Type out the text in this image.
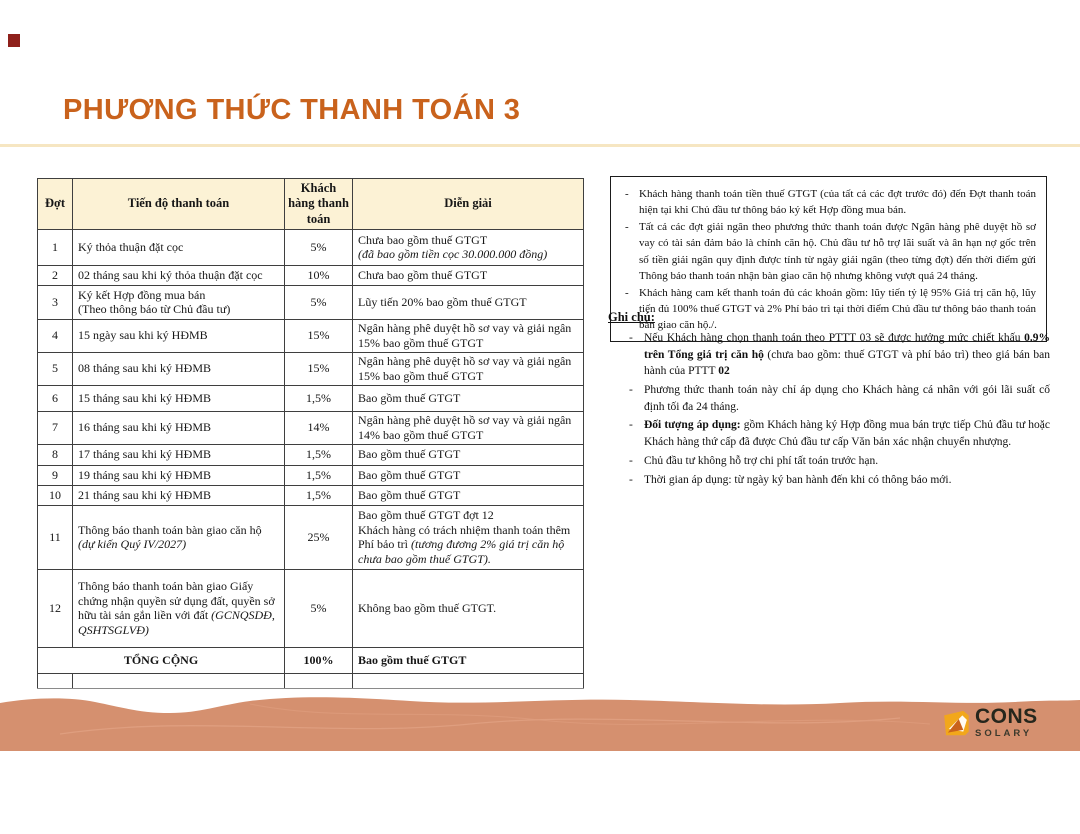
PHƯƠNG THỨC THANH TOÁN 3
Đợt	Tiến độ thanh toán	Khách hàng thanh toán	Diễn giải
1	Ký thỏa thuận đặt cọc	5%	Chưa bao gồm thuế GTGT
(đã bao gồm tiền cọc 30.000.000 đồng)

2	02 tháng sau khi ký thỏa thuận đặt cọc	10%	Chưa bao gồm thuế GTGT
3	Ký kết Hợp đồng mua bán
(Theo thông báo từ Chủ đầu tư)	5%	Lũy tiến 20% bao gồm thuế GTGT
4	15 ngày sau khi ký HĐMB	15%	Ngân hàng phê duyệt hồ sơ vay và giải ngân 15% bao gồm thuế GTGT
5	08 tháng sau khi ký HĐMB	15%	Ngân hàng phê duyệt hồ sơ vay và giải ngân 15% bao gồm thuế GTGT
6	15 tháng sau khi ký HĐMB	1,5%	Bao gồm thuế GTGT
7	16 tháng sau khi ký HĐMB	14%	Ngân hàng phê duyệt hồ sơ vay và giải ngân 14% bao gồm thuế GTGT
8	17 tháng sau khi ký HĐMB	1,5%	Bao gồm thuế GTGT
9	19 tháng sau khi ký HĐMB	1,5%	Bao gồm thuế GTGT
10	21 tháng sau khi ký HĐMB	1,5%	Bao gồm thuế GTGT
11	Thông báo thanh toán bàn giao căn hộ (dự kiến Quý IV/2027)	25%	Bao gồm thuế GTGT đợt 12
Khách hàng có trách nhiệm thanh toán thêm Phí bảo trì (tương đương 2% giá trị căn hộ chưa bao gồm thuế GTGT).

12	Thông báo thanh toán bàn giao Giấy chứng nhận quyền sử dụng đất, quyền sở hữu tài sản gắn liền với đất (GCNQSDĐ, QSHTSGLVĐ)	5%	Không bao gồm thuế GTGT.
TỔNG CỘNG		100%	Bao gồm thuế GTGT

- Khách hàng thanh toán tiền thuế GTGT (của tất cả các đợt trước đó) đến Đợt thanh toán hiện tại khi Chủ đầu tư thông báo ký kết Hợp đồng mua bán.
- Tất cả các đợt giải ngân theo phương thức thanh toán được Ngân hàng phê duyệt hồ sơ vay có tài sản đảm bảo là chính căn hộ. Chủ đầu tư hỗ trợ lãi suất và ân hạn nợ gốc trên số tiền giải ngân quy định được tính từ ngày giải ngân (theo từng đợt) đến thời điểm gửi Thông báo thanh toán nhận bàn giao căn hộ nhưng không vượt quá 24 tháng.
- Khách hàng cam kết thanh toán đủ các khoản gồm: lũy tiến tỷ lệ 95% Giá trị căn hộ, lũy tiến đủ 100% thuế GTGT và 2% Phí bảo trì tại thời điểm Chủ đầu tư thông báo thanh toán bàn giao căn hộ./.
Ghi chú:
- Nếu Khách hàng chọn thanh toán theo PTTT 03 sẽ được hưởng mức chiết khấu 0.9% trên Tổng giá trị căn hộ (chưa bao gồm: thuế GTGT và phí bảo trì) theo giá bán ban hành của PTTT 02
- Phương thức thanh toán này chỉ áp dụng cho Khách hàng cá nhân với gói lãi suất cố định tối đa 24 tháng.
- Đối tượng áp dụng: gồm Khách hàng ký Hợp đồng mua bán trực tiếp Chủ đầu tư hoặc Khách hàng thứ cấp đã được Chủ đầu tư cấp Văn bản xác nhận chuyển nhượng.
- Chủ đầu tư không hỗ trợ chi phí tất toán trước hạn.
- Thời gian áp dụng: từ ngày ký ban hành đến khi có thông báo mới.
CONS
SOLARY
